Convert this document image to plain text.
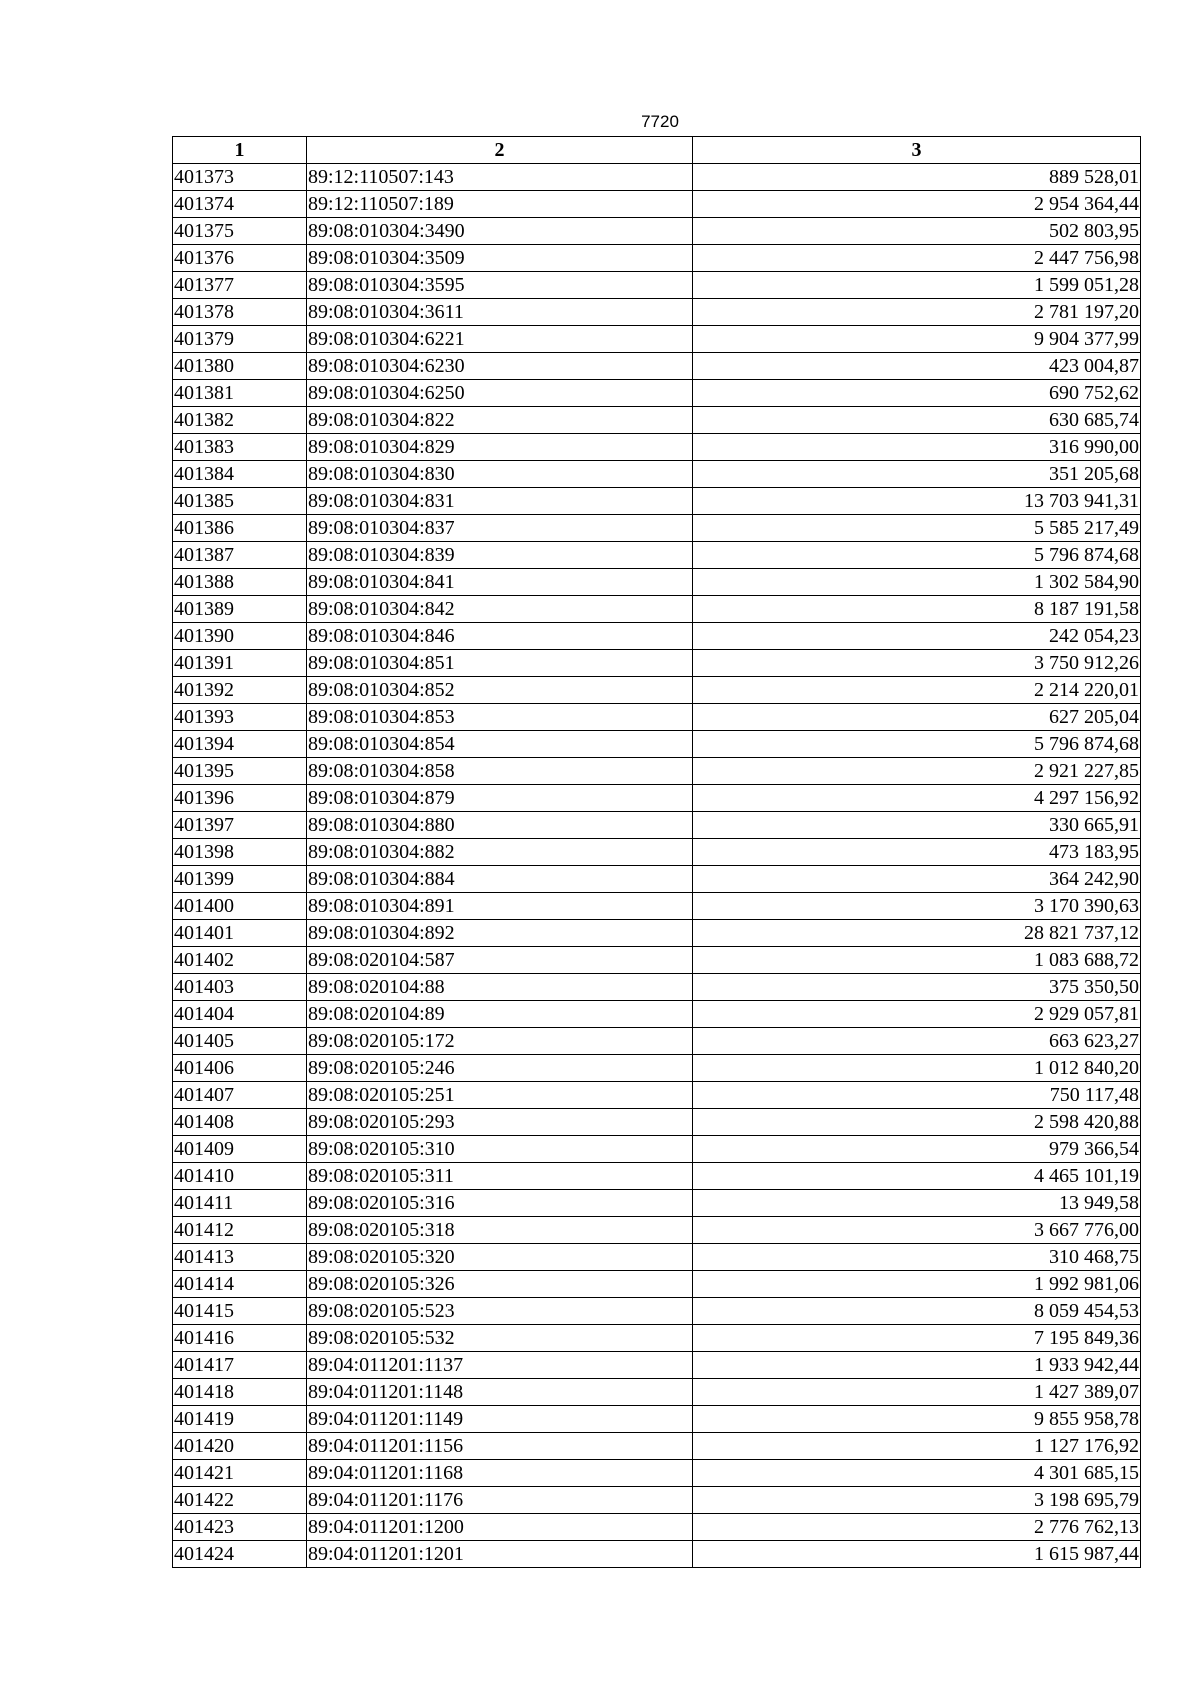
7720
1	2	3
401373	89:12:110507:143	889 528,01
401374	89:12:110507:189	2 954 364,44
401375	89:08:010304:3490	502 803,95
401376	89:08:010304:3509	2 447 756,98
401377	89:08:010304:3595	1 599 051,28
401378	89:08:010304:3611	2 781 197,20
401379	89:08:010304:6221	9 904 377,99
401380	89:08:010304:6230	423 004,87
401381	89:08:010304:6250	690 752,62
401382	89:08:010304:822	630 685,74
401383	89:08:010304:829	316 990,00
401384	89:08:010304:830	351 205,68
401385	89:08:010304:831	13 703 941,31
401386	89:08:010304:837	5 585 217,49
401387	89:08:010304:839	5 796 874,68
401388	89:08:010304:841	1 302 584,90
401389	89:08:010304:842	8 187 191,58
401390	89:08:010304:846	242 054,23
401391	89:08:010304:851	3 750 912,26
401392	89:08:010304:852	2 214 220,01
401393	89:08:010304:853	627 205,04
401394	89:08:010304:854	5 796 874,68
401395	89:08:010304:858	2 921 227,85
401396	89:08:010304:879	4 297 156,92
401397	89:08:010304:880	330 665,91
401398	89:08:010304:882	473 183,95
401399	89:08:010304:884	364 242,90
401400	89:08:010304:891	3 170 390,63
401401	89:08:010304:892	28 821 737,12
401402	89:08:020104:587	1 083 688,72
401403	89:08:020104:88	375 350,50
401404	89:08:020104:89	2 929 057,81
401405	89:08:020105:172	663 623,27
401406	89:08:020105:246	1 012 840,20
401407	89:08:020105:251	750 117,48
401408	89:08:020105:293	2 598 420,88
401409	89:08:020105:310	979 366,54
401410	89:08:020105:311	4 465 101,19
401411	89:08:020105:316	13 949,58
401412	89:08:020105:318	3 667 776,00
401413	89:08:020105:320	310 468,75
401414	89:08:020105:326	1 992 981,06
401415	89:08:020105:523	8 059 454,53
401416	89:08:020105:532	7 195 849,36
401417	89:04:011201:1137	1 933 942,44
401418	89:04:011201:1148	1 427 389,07
401419	89:04:011201:1149	9 855 958,78
401420	89:04:011201:1156	1 127 176,92
401421	89:04:011201:1168	4 301 685,15
401422	89:04:011201:1176	3 198 695,79
401423	89:04:011201:1200	2 776 762,13
401424	89:04:011201:1201	1 615 987,44
